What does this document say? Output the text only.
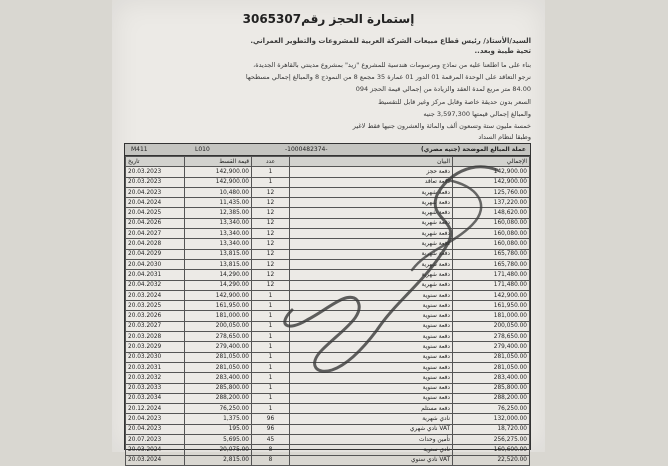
إستمارة الحجز رقم3065307
السيد/الأستاذ/ رئيس قطاع مبيعات الشركة العربية للمشروعات والتطوير العمراني.
تحية طيبة وبعد..
بناء على ما اطلعنا عليه من نماذج ومرسومات هندسية للمشروع "زيد" بمشروع مدينتي بالقاهرة الجديدة،
نرجو التعاقد على الوحدة المرقمة 01 الدور 01 عمارة 35 مجمع 8 من النموذج 8 والمبالغ إجمالي مسطحها
84.00 متر مربع لمدة العقد والزيادة من إجمالي قيمة الحجز 094
السعر بدون حديقة خاصة وقابل مركز وغير قابل للتقسيط
والمبالغ إجمالي قيمتها 3,597,300 جنيه
خمسة مليون ستة وتسعون ألف والمائة والعشرون جنيها فقط لاغير
وطبقا لنظام السداد
M411	L010	-1000482374-	عملة المبالغ الموضحة (جنيه مصري)
تاريخ	قيمة القسط	عدد	البيان	الإجمالي
20.03.2023	142,900.00	1	دفعة حجز	142,900.00
20.03.2023	142,900.00	1	دفعة تعاقد	142,900.00
20.04.2023	10,480.00	12	دفعة شهرية	125,760.00
20.04.2024	11,435.00	12	دفعة شهرية	137,220.00
20.04.2025	12,385.00	12	دفعة شهرية	148,620.00
20.04.2026	13,340.00	12	دفعة شهرية	160,080.00
20.04.2027	13,340.00	12	دفعة شهرية	160,080.00
20.04.2028	13,340.00	12	دفعة شهرية	160,080.00
20.04.2029	13,815.00	12	دفعة شهرية	165,780.00
20.04.2030	13,815.00	12	دفعة شهرية	165,780.00
20.04.2031	14,290.00	12	دفعة شهرية	171,480.00
20.04.2032	14,290.00	12	دفعة شهرية	171,480.00
20.03.2024	142,900.00	1	دفعة سنوية	142,900.00
20.03.2025	161,950.00	1	دفعة سنوية	161,950.00
20.03.2026	181,000.00	1	دفعة سنوية	181,000.00
20.03.2027	200,050.00	1	دفعة سنوية	200,050.00
20.03.2028	278,650.00	1	دفعة سنوية	278,650.00
20.03.2029	279,400.00	1	دفعة سنوية	279,400.00
20.03.2030	281,050.00	1	دفعة سنوية	281,050.00
20.03.2031	281,050.00	1	دفعة سنوية	281,050.00
20.03.2032	283,400.00	1	دفعة سنوية	283,400.00
20.03.2033	285,800.00	1	دفعة سنوية	285,800.00
20.03.2034	288,200.00	1	دفعة سنوية	288,200.00
20.12.2024	76,250.00	1	دفعة مستلم	76,250.00
20.04.2023	1,375.00	96	نادي شهرية	132,000.00
20.04.2023	195.00	96	VAT نادي شهري	18,720.00
20.07.2023	5,695.00	45	تأمين وحدات	256,275.00
20.03.2024	20,075.00	8	نادي سنوية	160,600.00
20.03.2024	2,815.00	8	VAT نادي سنوي	22,520.00
